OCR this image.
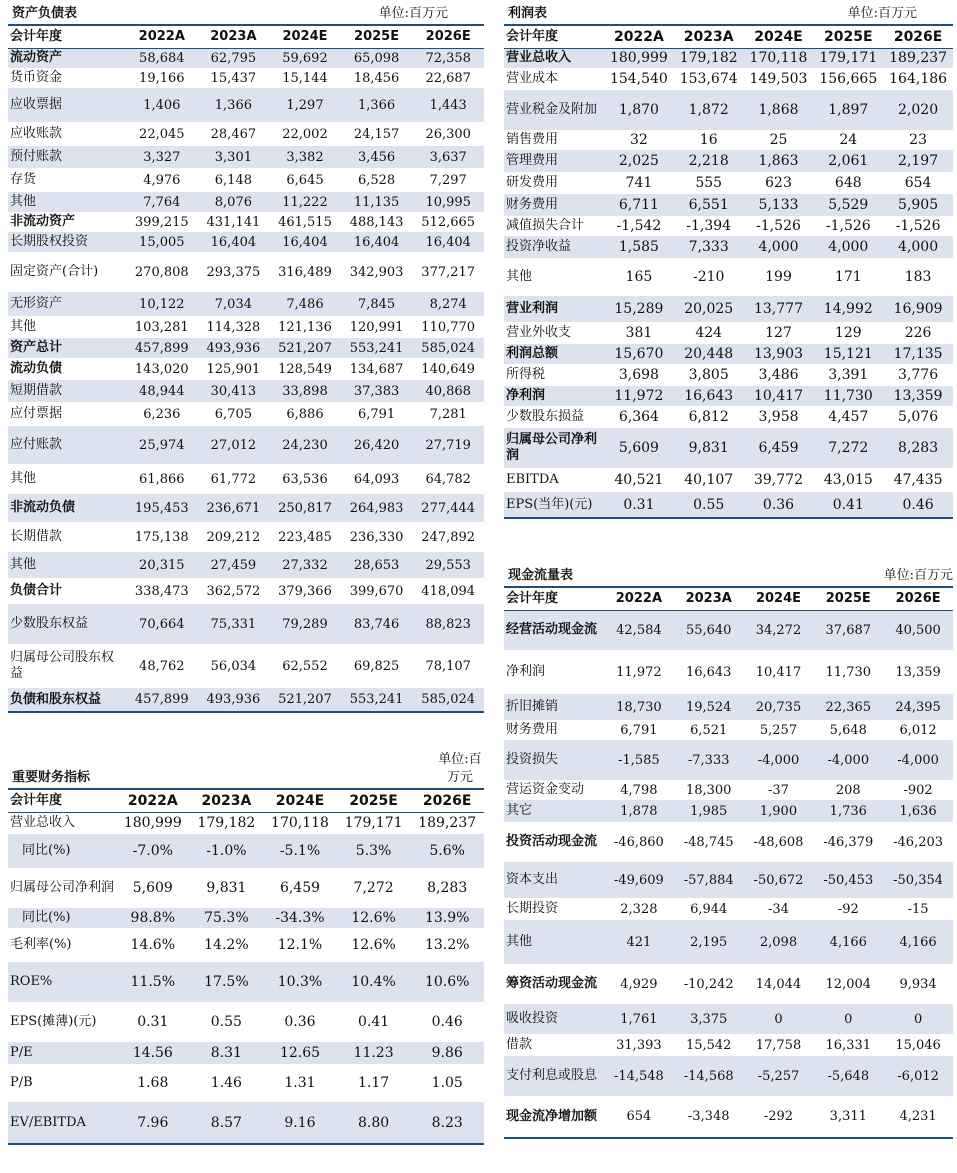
资产负债表	单位:百万元
会计年度	2022A	2023A	2024E	2025E	2026E
流动资产	58,684	62,795	59,692	65,098	72,358
货币资金	19,166	15,437	15,144	18,456	22,687
应收票据	1,406	1,366	1,297	1,366	1,443
应收账款	22,045	28,467	22,002	24,157	26,300
预付账款	3,327	3,301	3,382	3,456	3,637
存货	4,976	6,148	6,645	6,528	7,297
其他	7,764	8,076	11,222	11,135	10,995
非流动资产	399,215	431,141	461,515	488,143	512,665
长期股权投资	15,005	16,404	16,404	16,404	16,404
固定资产(合计)	270,808	293,375	316,489	342,903	377,217
无形资产	10,122	7,034	7,486	7,845	8,274
其他	103,281	114,328	121,136	120,991	110,770
资产总计	457,899	493,936	521,207	553,241	585,024
流动负债	143,020	125,901	128,549	134,687	140,649
短期借款	48,944	30,413	33,898	37,383	40,868
应付票据	6,236	6,705	6,886	6,791	7,281
应付账款	25,974	27,012	24,230	26,420	27,719
其他	61,866	61,772	63,536	64,093	64,782
非流动负债	195,453	236,671	250,817	264,983	277,444
长期借款	175,138	209,212	223,485	236,330	247,892
其他	20,315	27,459	27,332	28,653	29,553
负债合计	338,473	362,572	379,366	399,670	418,094
少数股东权益	70,664	75,331	79,289	83,746	88,823
归属母公司股东权益	48,762	56,034	62,552	69,825	78,107
负债和股东权益	457,899	493,936	521,207	553,241	585,024
重要财务指标
单位:百万元
会计年度	2022A	2023A	2024E	2025E	2026E
营业总收入	180,999	179,182	170,118	179,171	189,237
同比(%)	-7.0%	-1.0%	-5.1%	5.3%	5.6%
归属母公司净利润	5,609	9,831	6,459	7,272	8,283
同比(%)	98.8%	75.3%	-34.3%	12.6%	13.9%
毛利率(%)	14.6%	14.2%	12.1%	12.6%	13.2%
ROE%	11.5%	17.5%	10.3%	10.4%	10.6%
EPS(摊薄)(元)	0.31	0.55	0.36	0.41	0.46
P/E	14.56	8.31	12.65	11.23	9.86
P/B	1.68	1.46	1.31	1.17	1.05
EV/EBITDA	7.96	8.57	9.16	8.80	8.23
利润表	单位:百万元
会计年度	2022A	2023A	2024E	2025E	2026E
营业总收入	180,999	179,182	170,118	179,171	189,237
营业成本	154,540	153,674	149,503	156,665	164,186
营业税金及附加	1,870	1,872	1,868	1,897	2,020
销售费用	32	16	25	24	23
管理费用	2,025	2,218	1,863	2,061	2,197
研发费用	741	555	623	648	654
财务费用	6,711	6,551	5,133	5,529	5,905
减值损失合计	-1,542	-1,394	-1,526	-1,526	-1,526
投资净收益	1,585	7,333	4,000	4,000	4,000
其他	165	-210	199	171	183
营业利润	15,289	20,025	13,777	14,992	16,909
营业外收支	381	424	127	129	226
利润总额	15,670	20,448	13,903	15,121	17,135
所得税	3,698	3,805	3,486	3,391	3,776
净利润	11,972	16,643	10,417	11,730	13,359
少数股东损益	6,364	6,812	3,958	4,457	5,076
归属母公司净利润	5,609	9,831	6,459	7,272	8,283
EBITDA	40,521	40,107	39,772	43,015	47,435
EPS(当年)(元)	0.31	0.55	0.36	0.41	0.46
现金流量表	单位:百万元
会计年度	2022A	2023A	2024E	2025E	2026E
经营活动现金流	42,584	55,640	34,272	37,687	40,500
净利润	11,972	16,643	10,417	11,730	13,359
折旧摊销	18,730	19,524	20,735	22,365	24,395
财务费用	6,791	6,521	5,257	5,648	6,012
投资损失	-1,585	-7,333	-4,000	-4,000	-4,000
营运资金变动	4,798	18,300	-37	208	-902
其它	1,878	1,985	1,900	1,736	1,636
投资活动现金流	-46,860	-48,745	-48,608	-46,379	-46,203
资本支出	-49,609	-57,884	-50,672	-50,453	-50,354
长期投资	2,328	6,944	-34	-92	-15
其他	421	2,195	2,098	4,166	4,166
筹资活动现金流	4,929	-10,242	14,044	12,004	9,934
吸收投资	1,761	3,375	0	0	0
借款	31,393	15,542	17,758	16,331	15,046
支付利息或股息	-14,548	-14,568	-5,257	-5,648	-6,012
现金流净增加额	654	-3,348	-292	3,311	4,231
